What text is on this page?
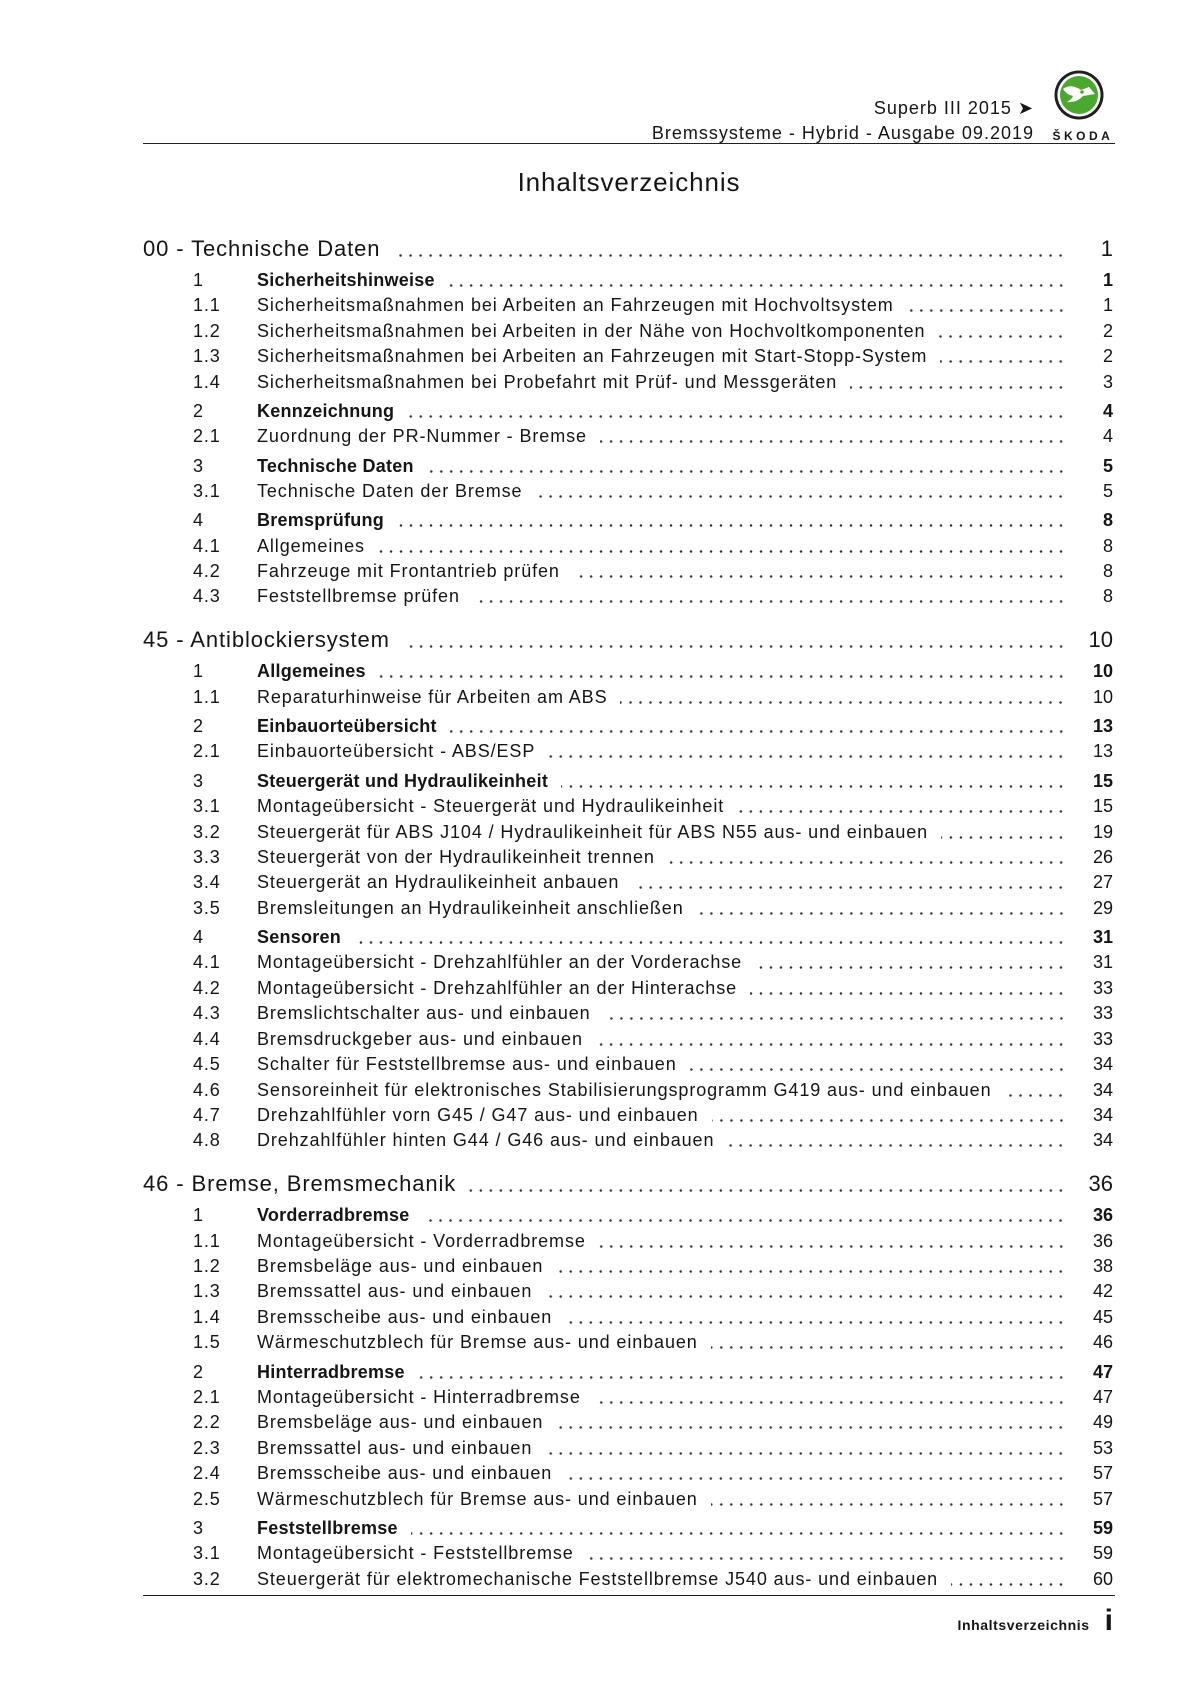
Superb III 2015 ➤
Bremssysteme - Hybrid - Ausgabe 09.2019 ŠKODA
Inhaltsverzeichnis
00 - Technische Daten	1
1	Sicherheitshinweise	1
1.1	Sicherheitsmaßnahmen bei Arbeiten an Fahrzeugen mit Hochvoltsystem	1
1.2	Sicherheitsmaßnahmen bei Arbeiten in der Nähe von Hochvoltkomponenten	2
1.3	Sicherheitsmaßnahmen bei Arbeiten an Fahrzeugen mit Start-Stopp-System	2
1.4	Sicherheitsmaßnahmen bei Probefahrt mit Prüf- und Messgeräten	3
2	Kennzeichnung	4
2.1	Zuordnung der PR-Nummer - Bremse	4
3	Technische Daten	5
3.1	Technische Daten der Bremse	5
4	Bremsprüfung	8
4.1	Allgemeines	8
4.2	Fahrzeuge mit Frontantrieb prüfen	8
4.3	Feststellbremse prüfen	8
45 - Antiblockiersystem	10
1	Allgemeines	10
1.1	Reparaturhinweise für Arbeiten am ABS	10
2	Einbauorteübersicht	13
2.1	Einbauorteübersicht - ABS/ESP	13
3	Steuergerät und Hydraulikeinheit	15
3.1	Montageübersicht - Steuergerät und Hydraulikeinheit	15
3.2	Steuergerät für ABS J104 / Hydraulikeinheit für ABS N55 aus- und einbauen	19
3.3	Steuergerät von der Hydraulikeinheit trennen	26
3.4	Steuergerät an Hydraulikeinheit anbauen	27
3.5	Bremsleitungen an Hydraulikeinheit anschließen	29
4	Sensoren	31
4.1	Montageübersicht - Drehzahlfühler an der Vorderachse	31
4.2	Montageübersicht - Drehzahlfühler an der Hinterachse	33
4.3	Bremslichtschalter aus- und einbauen	33
4.4	Bremsdruckgeber aus- und einbauen	33
4.5	Schalter für Feststellbremse aus- und einbauen	34
4.6	Sensoreinheit für elektronisches Stabilisierungsprogramm G419 aus- und einbauen	34
4.7	Drehzahlfühler vorn G45 / G47 aus- und einbauen	34
4.8	Drehzahlfühler hinten G44 / G46 aus- und einbauen	34
46 - Bremse, Bremsmechanik	36
1	Vorderradbremse	36
1.1	Montageübersicht - Vorderradbremse	36
1.2	Bremsbeläge aus- und einbauen	38
1.3	Bremssattel aus- und einbauen	42
1.4	Bremsscheibe aus- und einbauen	45
1.5	Wärmeschutzblech für Bremse aus- und einbauen	46
2	Hinterradbremse	47
2.1	Montageübersicht - Hinterradbremse	47
2.2	Bremsbeläge aus- und einbauen	49
2.3	Bremssattel aus- und einbauen	53
2.4	Bremsscheibe aus- und einbauen	57
2.5	Wärmeschutzblech für Bremse aus- und einbauen	57
3	Feststellbremse	59
3.1	Montageübersicht - Feststellbremse	59
3.2	Steuergerät für elektromechanische Feststellbremse J540 aus- und einbauen	60
Inhaltsverzeichnis i
